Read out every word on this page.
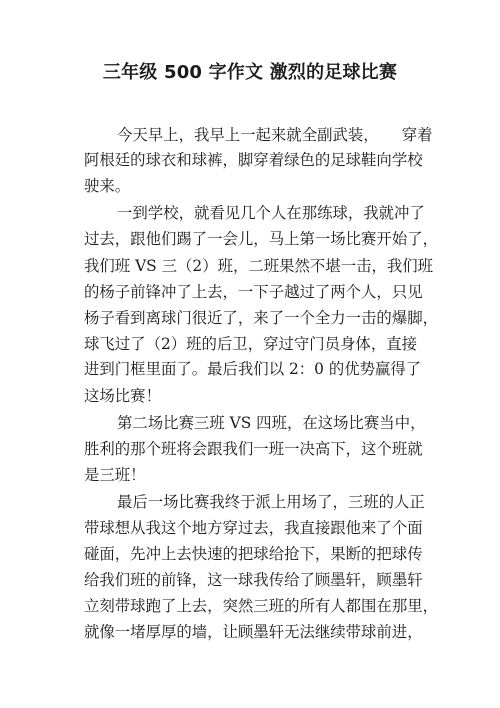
三年级 500 字作文 激烈的足球比赛
今天早上，我早上一起来就全副武装，　　穿着
阿根廷的球衣和球裤，脚穿着绿色的足球鞋向学校
驶来。
一到学校，就看见几个人在那练球，我就冲了
过去，跟他们踢了一会儿，马上第一场比赛开始了，
我们班 VS 三（2）班，二班果然不堪一击，我们班
的杨子前锋冲了上去，一下子越过了两个人，只见
杨子看到离球门很近了，来了一个全力一击的爆脚，
球飞过了（2）班的后卫，穿过守门员身体，直接
进到门框里面了。最后我们以 2：0 的优势赢得了
这场比赛！
第二场比赛三班 VS 四班，在这场比赛当中，
胜利的那个班将会跟我们一班一决高下，这个班就
是三班！
最后一场比赛我终于派上用场了，三班的人正
带球想从我这个地方穿过去，我直接跟他来了个面
碰面，先冲上去快速的把球给抢下，果断的把球传
给我们班的前锋，这一球我传给了顾墨轩，顾墨轩
立刻带球跑了上去，突然三班的所有人都围在那里，
就像一堵厚厚的墙，让顾墨轩无法继续带球前进，
